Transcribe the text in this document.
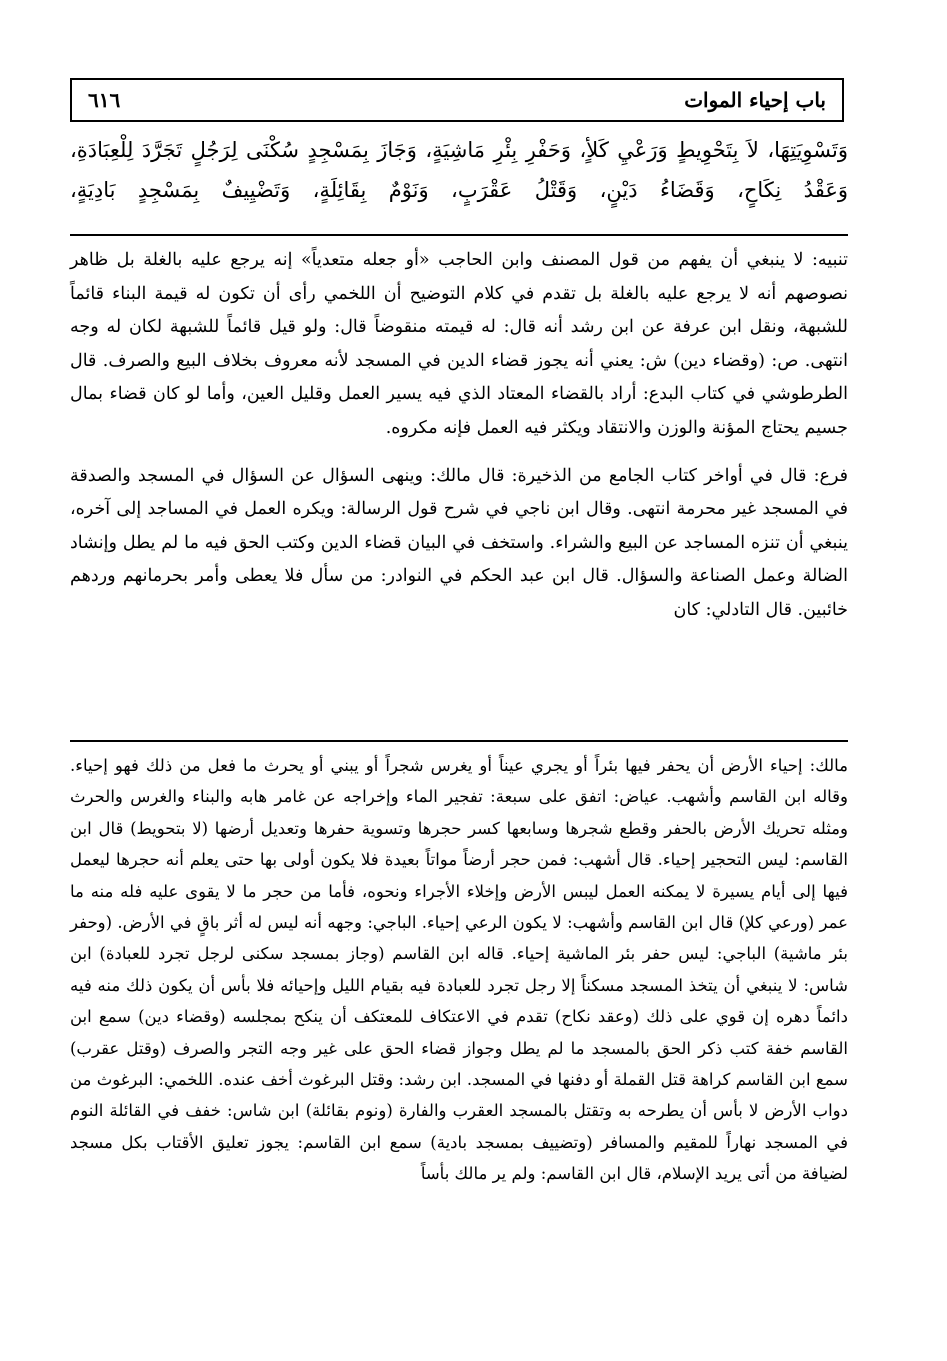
باب إحياء الموات
٦١٦

وَتَسْوِيَتِهَا، لاَ بِتَحْوِيطٍ وَرَعْيِ كَلأٍ، وَحَفْرِ بِئْرِ مَاشِيَةٍ، وَجَازَ بِمَسْجِدٍ سُكْنَى لِرَجُلٍ تَجَرَّدَ لِلْعِبَادَةِ،

وَعَقْدُ نِكَاحٍ، وَقَضَاءُ دَيْنٍ، وَقَتْلُ عَقْرَبٍ، وَنَوْمٌ بِقَائِلَةٍ، وَتَضْيِيفٌ بِمَسْجِدٍ بَادِيَةٍ،

تنبيه: لا ينبغي أن يفهم من قول المصنف وابن الحاجب «أو جعله متعدياً» إنه يرجع عليه بالغلة بل ظاهر نصوصهم أنه لا يرجع عليه بالغلة بل تقدم في كلام التوضيح أن اللخمي رأى أن تكون له قيمة البناء قائماً للشبهة، ونقل ابن عرفة عن ابن رشد أنه قال: له قيمته منقوضاً قال: ولو قيل قائماً للشبهة لكان له وجه انتهى. ص: (وقضاء دين) ش: يعني أنه يجوز قضاء الدين في المسجد لأنه معروف بخلاف البيع والصرف. قال الطرطوشي في كتاب البدع: أراد بالقضاء المعتاد الذي فيه يسير العمل وقليل العين، وأما لو كان قضاء بمال جسيم يحتاج المؤنة والوزن والانتقاد ويكثر فيه العمل فإنه مكروه.

فرع: قال في أواخر كتاب الجامع من الذخيرة: قال مالك: وينهى السؤال عن السؤال في المسجد والصدقة في المسجد غير محرمة انتهى. وقال ابن ناجي في شرح قول الرسالة: ويكره العمل في المساجد إلى آخره، ينبغي أن تنزه المساجد عن البيع والشراء. واستخف في البيان قضاء الدين وكتب الحق فيه ما لم يطل وإنشاد الضالة وعمل الصناعة والسؤال. قال ابن عبد الحكم في النوادر: من سأل فلا يعطى وأمر بحرمانهم وردهم خائبين. قال التادلي: كان

مالك: إحياء الأرض أن يحفر فيها بئراً أو يجري عيناً أو يغرس شجراً أو يبني أو يحرث ما فعل من ذلك فهو إحياء. وقاله ابن القاسم وأشهب. عياض: اتفق على سبعة: تفجير الماء وإخراجه عن غامر هابه والبناء والغرس والحرث ومثله تحريك الأرض بالحفر وقطع شجرها وسابعها كسر حجرها وتسوية حفرها وتعديل أرضها (لا بتحويط) قال ابن القاسم: ليس التحجير إحياء. قال أشهب: فمن حجر أرضاً مواتاً بعيدة فلا يكون أولى بها حتى يعلم أنه حجرها ليعمل فيها إلى أيام يسيرة لا يمكنه العمل ليبس الأرض وإخلاء الأجراء ونحوه، فأما من حجر ما لا يقوى عليه فله منه ما عمر (ورعي كلإ) قال ابن القاسم وأشهب: لا يكون الرعي إحياء. الباجي: وجهه أنه ليس له أثر باقٍ في الأرض. (وحفر بئر ماشية) الباجي: ليس حفر بئر الماشية إحياء. قاله ابن القاسم (وجاز بمسجد سكنى لرجل تجرد للعبادة) ابن شاس: لا ينبغي أن يتخذ المسجد مسكناً إلا رجل تجرد للعبادة فيه بقيام الليل وإحيائه فلا بأس أن يكون ذلك منه فيه دائماً دهره إن قوي على ذلك (وعقد نكاح) تقدم في الاعتكاف للمعتكف أن ينكح بمجلسه (وقضاء دين) سمع ابن القاسم خفة كتب ذكر الحق بالمسجد ما لم يطل وجواز قضاء الحق على غير وجه التجر والصرف (وقتل عقرب) سمع ابن القاسم كراهة قتل القملة أو دفنها في المسجد. ابن رشد: وقتل البرغوث أخف عنده. اللخمي: البرغوث من دواب الأرض لا بأس أن يطرحه به وتقتل بالمسجد العقرب والفارة (ونوم بقائلة) ابن شاس: خفف في القائلة النوم في المسجد نهاراً للمقيم والمسافر (وتضييف بمسجد بادية) سمع ابن القاسم: يجوز تعليق الأقتاب بكل مسجد لضيافة من أتى يريد الإسلام، قال ابن القاسم: ولم ير مالك بأساً
